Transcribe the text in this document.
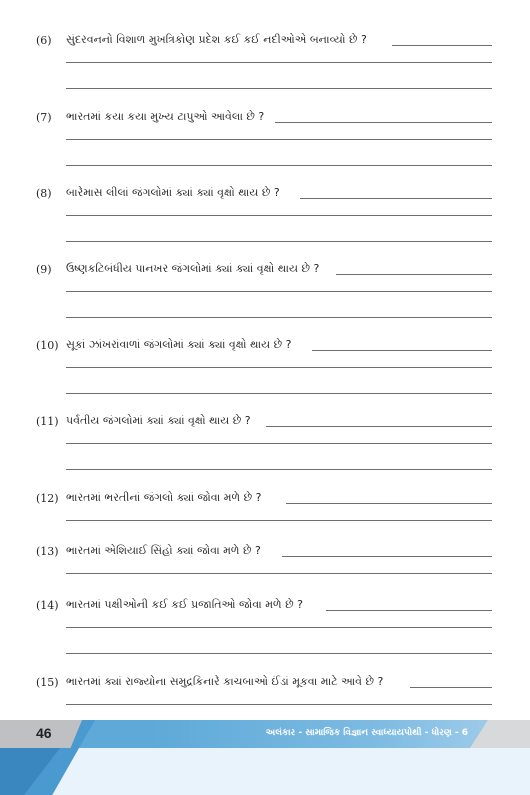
(6) સુંદરવનનો વિશાળ મુખત્રિકોણ પ્રદેશ કઈ કઈ નદીઓએ બનાવ્યો છે ?
(7) ભારતમાં કયા કયા મુખ્ય ટાપુઓ આવેલા છે ?
(8) બારેમાસ લીલાં જંગલોમાં ક્યાં ક્યાં વૃક્ષો થાય છે ?
(9) ઉષ્ણકટિબંધીય પાનખર જંગલોમાં ક્યાં ક્યાં વૃક્ષો થાય છે ?
(10) સૂકાં ઝાંખરાંવાળાં જંગલોમાં ક્યાં ક્યાં વૃક્ષો થાય છે ?
(11) પર્વતીય જંગલોમાં ક્યાં ક્યાં વૃક્ષો થાય છે ?
(12) ભારતમાં ભરતીનાં જંગલો ક્યાં જોવા મળે છે ?
(13) ભારતમાં એશિયાઈ સિંહો ક્યાં જોવા મળે છે ?
(14) ભારતમાં પક્ષીઓની કઈ કઈ પ્રજાતિઓ જોવા મળે છે ?
(15) ભારતમાં ક્યાં રાજ્યોના સમુદ્રકિનારે કાચબાઓ ઈંડાં મૂકવા માટે આવે છે ?
46	અલંકાર - સામાજિક વિજ્ઞાન સ્વાધ્યાયપોથી - ધોરણ - 6
